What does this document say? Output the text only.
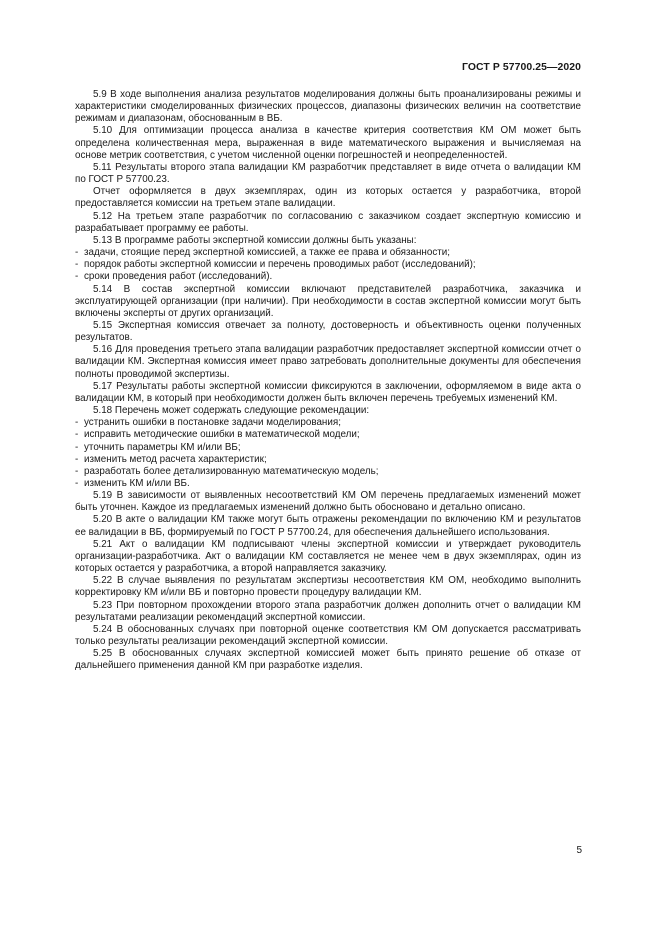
ГОСТ Р 57700.25—2020

5.9 В ходе выполнения анализа результатов моделирования должны быть проанализированы режимы и характеристики смоделированных физических процессов, диапазоны физических величин на соответствие режимам и диапазонам, обоснованным в ВБ.

5.10 Для оптимизации процесса анализа в качестве критерия соответствия КМ ОМ может быть определена количественная мера, выраженная в виде математического выражения и вычисляемая на основе метрик соответствия, с учетом численной оценки погрешностей и неопределенностей.

5.11 Результаты второго этапа валидации КМ разработчик представляет в виде отчета о валидации КМ по ГОСТ Р 57700.23.

Отчет оформляется в двух экземплярах, один из которых остается у разработчика, второй предоставляется комиссии на третьем этапе валидации.

5.12 На третьем этапе разработчик по согласованию с заказчиком создает экспертную комиссию и разрабатывает программу ее работы.

5.13 В программе работы экспертной комиссии должны быть указаны:

- задачи, стоящие перед экспертной комиссией, а также ее права и обязанности;

- порядок работы экспертной комиссии и перечень проводимых работ (исследований);

- сроки проведения работ (исследований).

5.14 В состав экспертной комиссии включают представителей разработчика, заказчика и эксплуатирующей организации (при наличии). При необходимости в состав экспертной комиссии могут быть включены эксперты от других организаций.

5.15 Экспертная комиссия отвечает за полноту, достоверность и объективность оценки полученных результатов.

5.16 Для проведения третьего этапа валидации разработчик предоставляет экспертной комиссии отчет о валидации КМ. Экспертная комиссия имеет право затребовать дополнительные документы для обеспечения полноты проводимой экспертизы.

5.17 Результаты работы экспертной комиссии фиксируются в заключении, оформляемом в виде акта о валидации КМ, в который при необходимости должен быть включен перечень требуемых изменений КМ.

5.18 Перечень может содержать следующие рекомендации:

- устранить ошибки в постановке задачи моделирования;

- исправить методические ошибки в математической модели;

- уточнить параметры КМ и/или ВБ;

- изменить метод расчета характеристик;

- разработать более детализированную математическую модель;

- изменить КМ и/или ВБ.

5.19 В зависимости от выявленных несоответствий КМ ОМ перечень предлагаемых изменений может быть уточнен. Каждое из предлагаемых изменений должно быть обосновано и детально описано.

5.20 В акте о валидации КМ также могут быть отражены рекомендации по включению КМ и результатов ее валидации в ВБ, формируемый по ГОСТ Р 57700.24, для обеспечения дальнейшего использования.

5.21 Акт о валидации КМ подписывают члены экспертной комиссии и утверждает руководитель организации-разработчика. Акт о валидации КМ составляется не менее чем в двух экземплярах, один из которых остается у разработчика, а второй направляется заказчику.

5.22 В случае выявления по результатам экспертизы несоответствия КМ ОМ, необходимо выполнить корректировку КМ и/или ВБ и повторно провести процедуру валидации КМ.

5.23 При повторном прохождении второго этапа разработчик должен дополнить отчет о валидации КМ результатами реализации рекомендаций экспертной комиссии.

5.24 В обоснованных случаях при повторной оценке соответствия КМ ОМ допускается рассматривать только результаты реализации рекомендаций экспертной комиссии.

5.25 В обоснованных случаях экспертной комиссией может быть принято решение об отказе от дальнейшего применения данной КМ при разработке изделия.

5
